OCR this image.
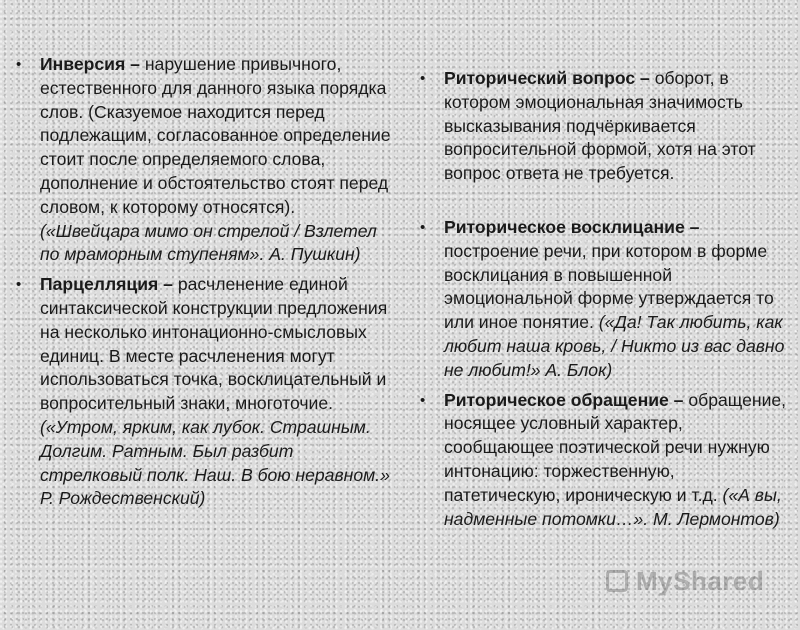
• Инверсия – нарушение привычного, естественного для данного языка порядка слов. (Сказуемое находится перед подлежащим, согласованное определение стоит после определяемого слова, дополнение и обстоятельство стоят перед словом, к которому относятся). («Швейцара мимо он стрелой / Взлетел по мраморным ступеням». А. Пушкин)
• Парцелляция – расчленение единой синтаксической конструкции предложения на несколько интонационно-смысловых единиц. В месте расчленения могут использоваться точка, восклицательный и вопросительный знаки, многоточие. («Утром, ярким, как лубок. Страшным. Долгим. Ратным. Был разбит стрелковый полк. Наш. В бою неравном.» Р. Рождественский)
• Риторический вопрос – оборот, в котором эмоциональная значимость высказывания подчёркивается вопросительной формой, хотя на этот вопрос ответа не требуется.
• Риторическое восклицание – построение речи, при котором в форме восклицания в повышенной эмоциональной форме утверждается то или иное понятие. («Да! Так любить, как любит наша кровь, / Никто из вас давно не любит!» А. Блок)
• Риторическое обращение – обращение, носящее условный характер, сообщающее поэтической речи нужную интонацию: торжественную, патетическую, ироническую и т.д. («А вы, надменные потомки…». М. Лермонтов)
MyShared
